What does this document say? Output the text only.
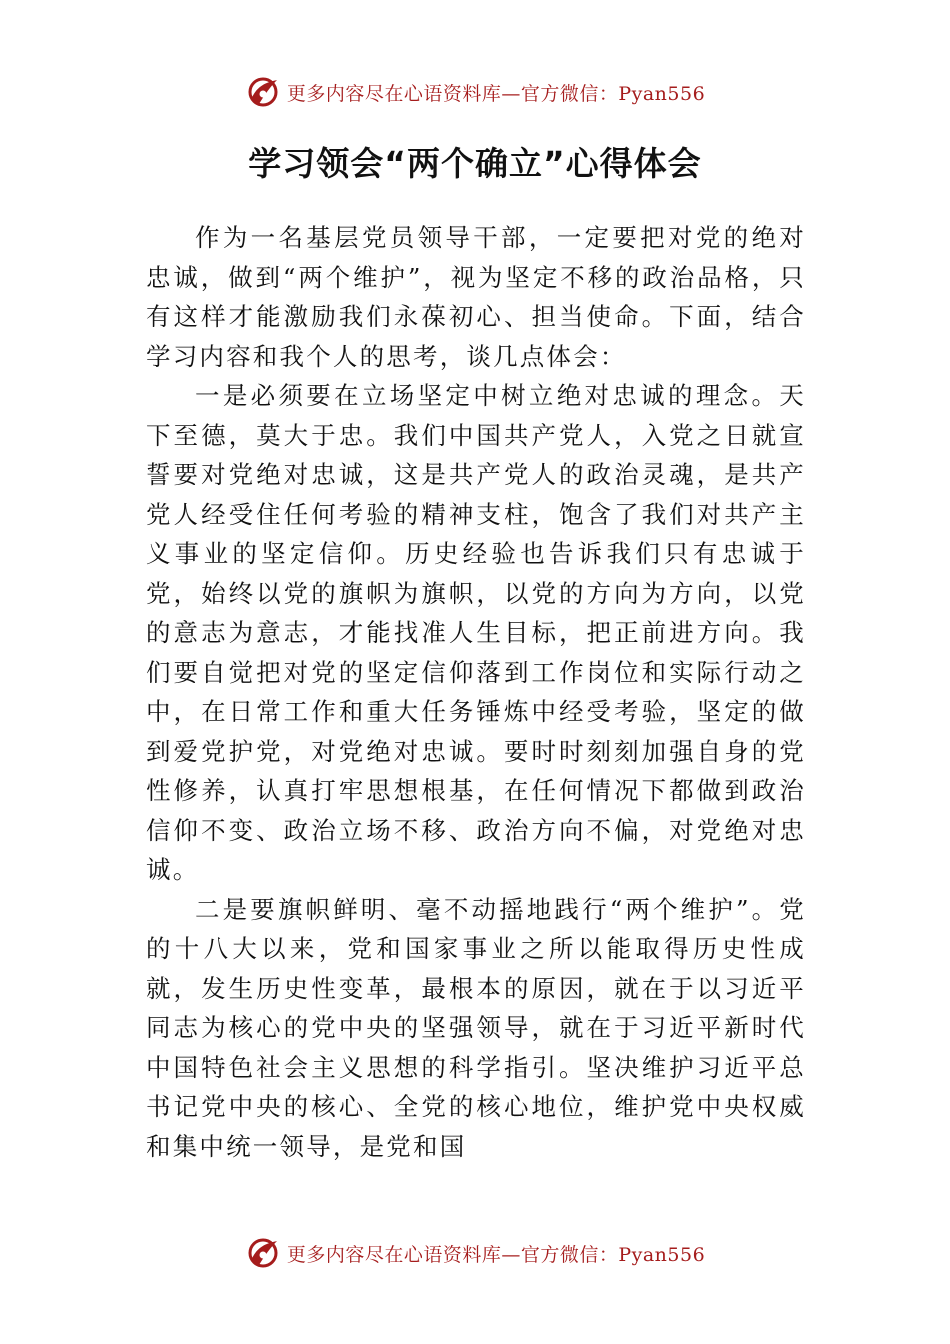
更多内容尽在心语资料库—官方微信：Pyan556
学习领会“两个确立”心得体会

作为一名基层党员领导干部，一定要把对党的绝对忠诚，做到“两个维护”，视为坚定不移的政治品格，只有这样才能激励我们永葆初心、担当使命。下面，结合学习内容和我个人的思考，谈几点体会：

一是必须要在立场坚定中树立绝对忠诚的理念。天下至德，莫大于忠。我们中国共产党人，入党之日就宣誓要对党绝对忠诚，这是共产党人的政治灵魂，是共产党人经受住任何考验的精神支柱，饱含了我们对共产主义事业的坚定信仰。历史经验也告诉我们只有忠诚于党，始终以党的旗帜为旗帜，以党的方向为方向，以党的意志为意志，才能找准人生目标，把正前进方向。我们要自觉把对党的坚定信仰落到工作岗位和实际行动之中，在日常工作和重大任务锤炼中经受考验，坚定的做到爱党护党，对党绝对忠诚。要时时刻刻加强自身的党性修养，认真打牢思想根基，在任何情况下都做到政治信仰不变、政治立场不移、政治方向不偏，对党绝对忠诚。

二是要旗帜鲜明、毫不动摇地践行“两个维护”。党的十八大以来，党和国家事业之所以能取得历史性成就，发生历史性变革，最根本的原因，就在于以习近平同志为核心的党中央的坚强领导，就在于习近平新时代中国特色社会主义思想的科学指引。坚决维护习近平总书记党中央的核心、全党的核心地位，维护党中央权威和集中统一领导，是党和国

更多内容尽在心语资料库—官方微信：Pyan556
